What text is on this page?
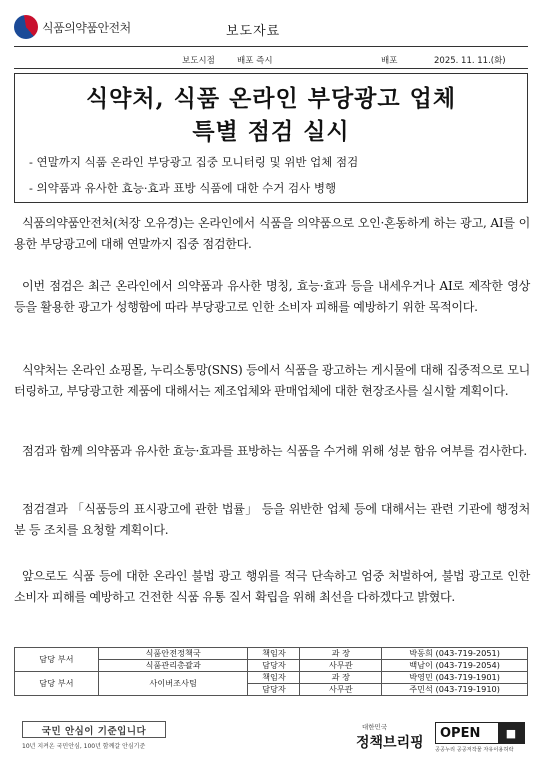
식품의약품안전처	보도자료
보도시점	배포 즉시	배포	2025. 11. 11.(화)
식약처, 식품 온라인 부당광고 업체
특별 점검 실시
- 연말까지 식품 온라인 부당광고 집중 모니터링 및 위반 업체 점검
- 의약품과 유사한 효능·효과 표방 식품에 대한 수거 검사 병행

식품의약품안전처(처장 오유경)는 온라인에서 식품을 의약품으로 오인·혼동하게 하는 광고, AI를 이용한 부당광고에 대해 연말까지 집중 점검한다.

이번 점검은 최근 온라인에서 의약품과 유사한 명칭, 효능·효과 등을 내세우거나 AI로 제작한 영상 등을 활용한 광고가 성행함에 따라 부당광고로 인한 소비자 피해를 예방하기 위한 목적이다.

식약처는 온라인 쇼핑몰, 누리소통망(SNS) 등에서 식품을 광고하는 게시물에 대해 집중적으로 모니터링하고, 부당광고한 제품에 대해서는 제조업체와 판매업체에 대한 현장조사를 실시할 계획이다.

점검과 함께 의약품과 유사한 효능·효과를 표방하는 식품을 수거해 위해 성분 함유 여부를 검사한다.

점검결과 「식품등의 표시광고에 관한 법률」 등을 위반한 업체 등에 대해서는 관련 기관에 행정처분 등 조치를 요청할 계획이다.

앞으로도 식품 등에 대한 온라인 불법 광고 행위를 적극 단속하고 엄중 처벌하여, 불법 광고로 인한 소비자 피해를 예방하고 건전한 식품 유통 질서 확립을 위해 최선을 다하겠다고 밝혔다.

담당 부서	식품안전정책국	책임자	과 장	박동희 (043-719-2051)
	식품관리총괄과	담당자	사무관	백남이 (043-719-2054)
담당 부서	사이버조사팀	책임자	과 장	박영민 (043-719-1901)
		담당자	사무관	주민석 (043-719-1910)
국민 안심이 기준입니다
10년 지켜온 국민안심, 100년 함께갈 안심기준
대한민국
정책브리핑
OPEN	■
공공누리 공공저작물 자유이용허락
